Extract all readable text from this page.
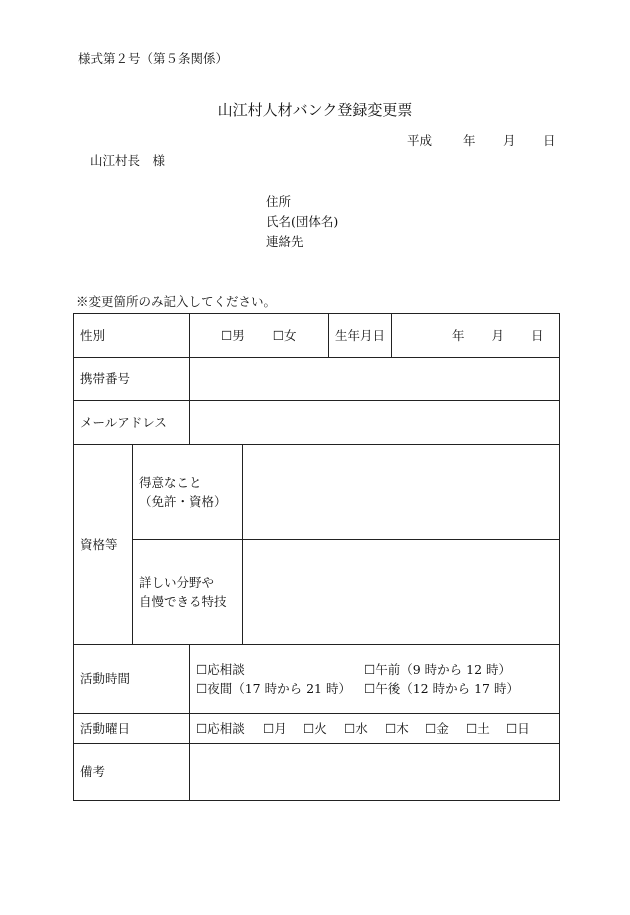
様式第２号（第５条関係）
山江村人材バンク登録変更票
平成 年 月 日
山江村長　様
住所
氏名(団体名)
連絡先
※変更箇所のみ記入してください。
性別		☐男 ☐女		生年月日	年 月 日
携帯番号					
メールアドレス					
資格等	得意なこと
（免許・資格）				

	詳しい分野や
自慢できる特技				

活動時間		☐応相談 ☐午前（9 時から 12 時）
☐夜間（17 時から 21 時） ☐午後（12 時から 17 時）			

活動曜日		☐応相談 ☐月 ☐火 ☐水 ☐木 ☐金 ☐土 ☐日			
備考					
